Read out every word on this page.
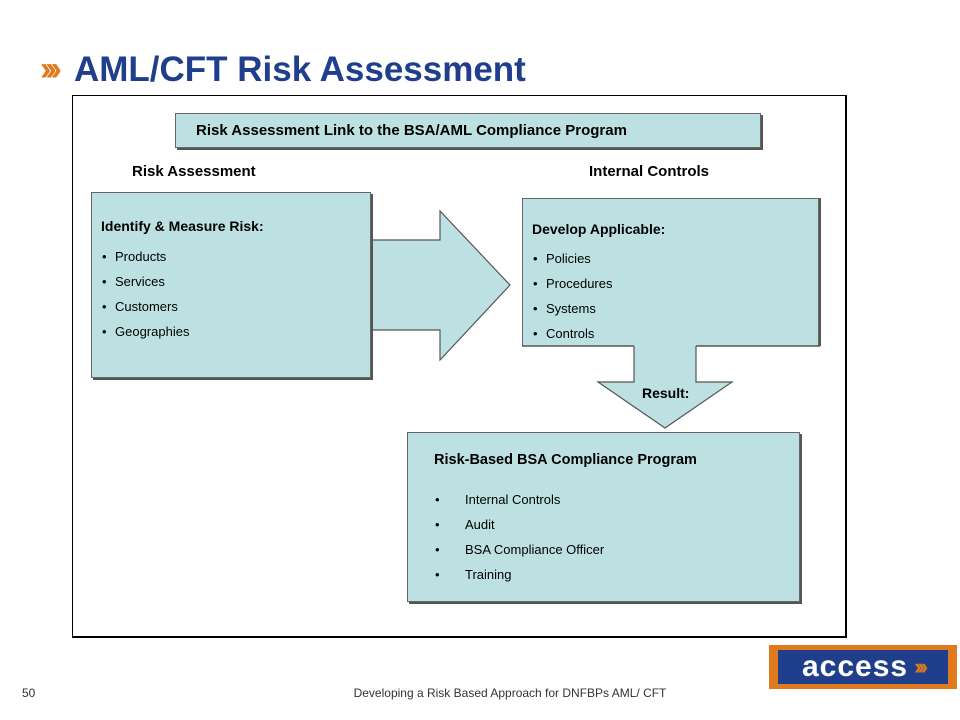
››› AML/CFT Risk Assessment
Risk Assessment Link to the BSA/AML Compliance Program
Risk Assessment	Internal Controls
Identify & Measure Risk:
• Products
• Services
• Customers
• Geographies
Develop Applicable:
• Policies
• Procedures
• Systems
• Controls
Result:
Risk-Based BSA Compliance Program
• Internal Controls
• Audit
• BSA Compliance Officer
• Training
access ›››
50	Developing a Risk Based Approach for DNFBPs AML/ CFT
